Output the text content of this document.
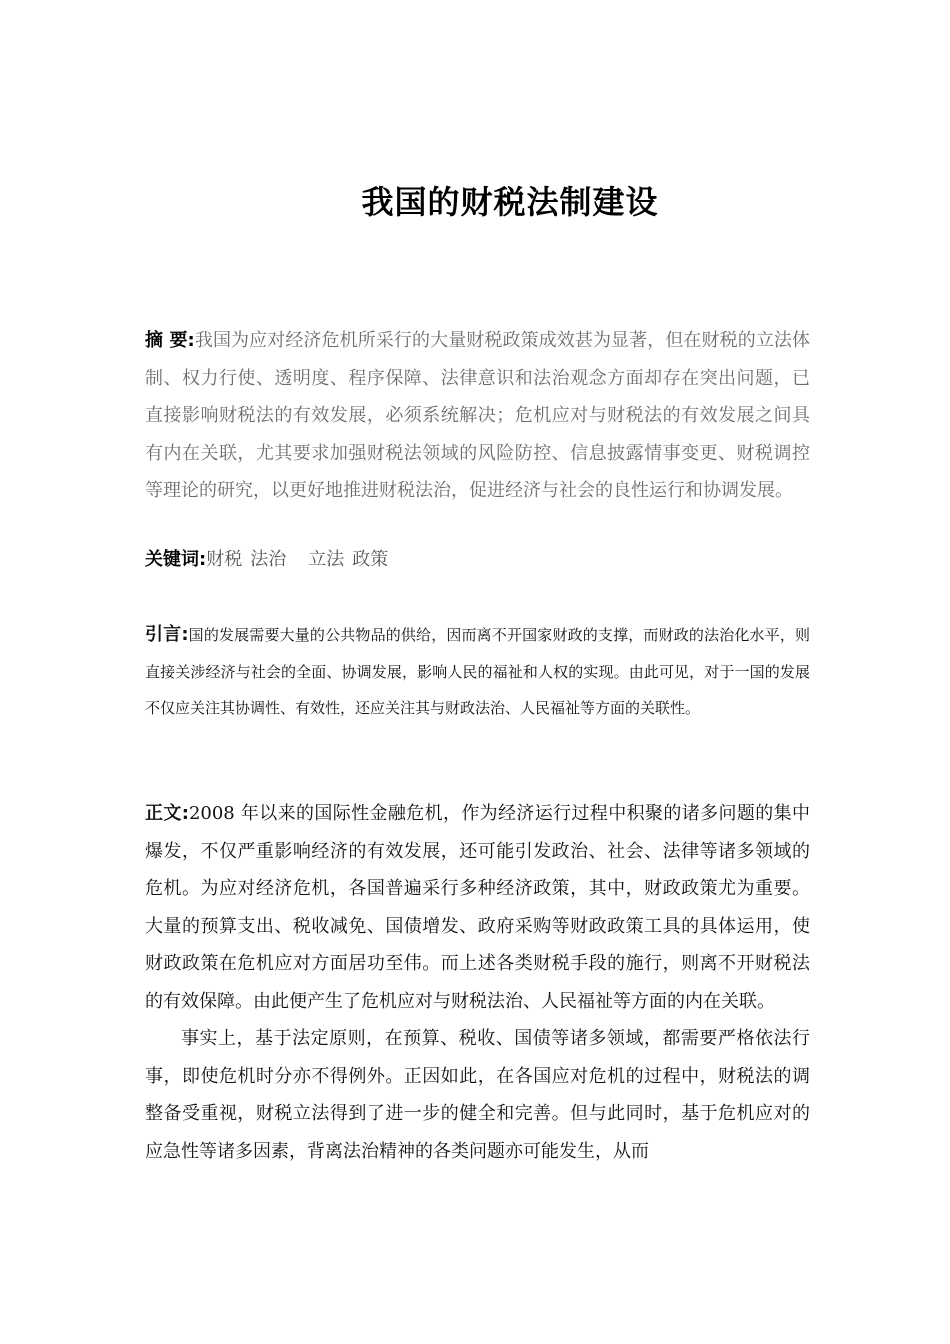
我国的财税法制建设
摘 要:我国为应对经济危机所采行的大量财税政策成效甚为显著，但在财税的立法体制、权力行使、透明度、程序保障、法律意识和法治观念方面却存在突出问题，已直接影响财税法的有效发展，必须系统解决；危机应对与财税法的有效发展之间具有内在关联，尤其要求加强财税法领域的风险防控、信息披露情事变更、财税调控等理论的研究，以更好地推进财税法治，促进经济与社会的良性运行和协调发展。
关键词:财税 法治 立法 政策
引言:国的发展需要大量的公共物品的供给，因而离不开国家财政的支撑，而财政的法治化水平，则直接关涉经济与社会的全面、协调发展，影响人民的福祉和人权的实现。由此可见，对于一国的发展不仅应关注其协调性、有效性，还应关注其与财政法治、人民福祉等方面的关联性。

正文:2008 年以来的国际性金融危机，作为经济运行过程中积聚的诸多问题的集中爆发，不仅严重影响经济的有效发展，还可能引发政治、社会、法律等诸多领域的危机。为应对经济危机，各国普遍采行多种经济政策，其中，财政政策尤为重要。大量的预算支出、税收减免、国债增发、政府采购等财政政策工具的具体运用，使财政政策在危机应对方面居功至伟。而上述各类财税手段的施行，则离不开财税法的有效保障。由此便产生了危机应对与财税法治、人民福祉等方面的内在关联。

事实上，基于法定原则，在预算、税收、国债等诸多领域，都需要严格依法行事，即使危机时分亦不得例外。正因如此，在各国应对危机的过程中，财税法的调整备受重视，财税立法得到了进一步的健全和完善。但与此同时，基于危机应对的应急性等诸多因素，背离法治精神的各类问题亦可能发生，从而
